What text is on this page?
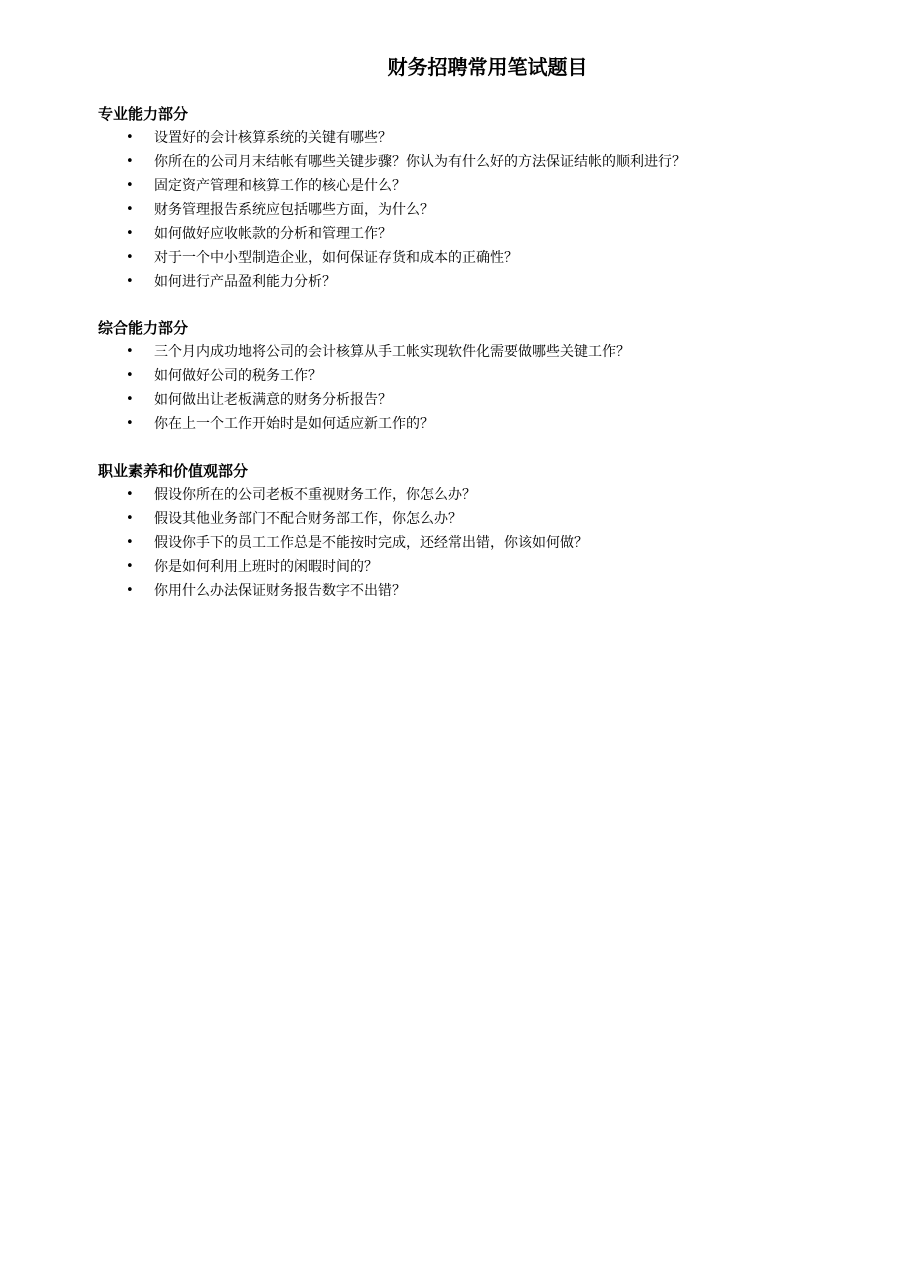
财务招聘常用笔试题目
专业能力部分
• 设置好的会计核算系统的关键有哪些？
• 你所在的公司月末结帐有哪些关键步骤？你认为有什么好的方法保证结帐的顺利进行？
• 固定资产管理和核算工作的核心是什么？
• 财务管理报告系统应包括哪些方面，为什么？
• 如何做好应收帐款的分析和管理工作？
• 对于一个中小型制造企业，如何保证存货和成本的正确性？
• 如何进行产品盈利能力分析？
综合能力部分
• 三个月内成功地将公司的会计核算从手工帐实现软件化需要做哪些关键工作？
• 如何做好公司的税务工作？
• 如何做出让老板满意的财务分析报告？
• 你在上一个工作开始时是如何适应新工作的？
职业素养和价值观部分
• 假设你所在的公司老板不重视财务工作，你怎么办？
• 假设其他业务部门不配合财务部工作，你怎么办？
• 假设你手下的员工工作总是不能按时完成，还经常出错，你该如何做？
• 你是如何利用上班时的闲暇时间的？
• 你用什么办法保证财务报告数字不出错？
